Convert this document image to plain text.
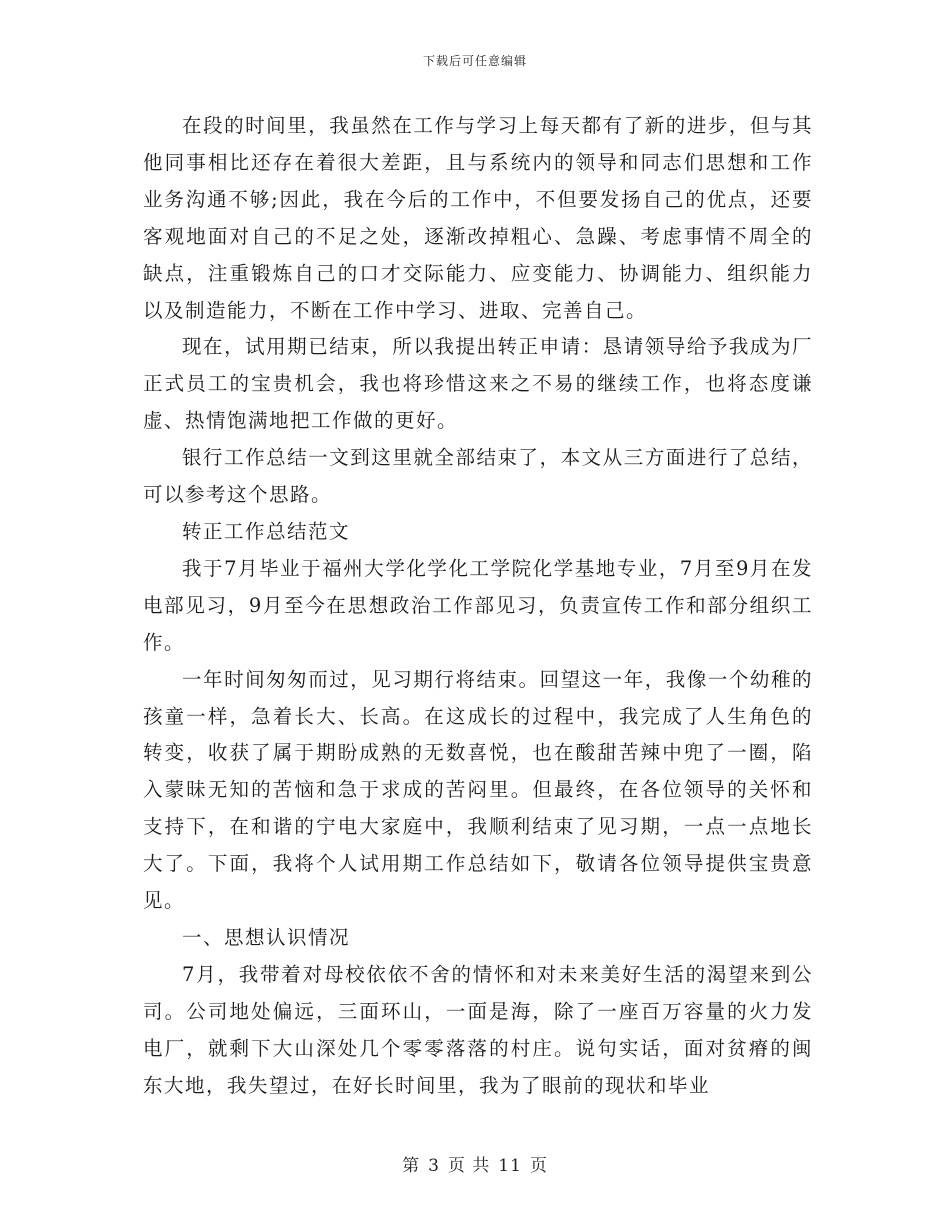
下载后可任意编辑

在段的时间里，我虽然在工作与学习上每天都有了新的进步，但与其他同事相比还存在着很大差距，且与系统内的领导和同志们思想和工作业务沟通不够;因此，我在今后的工作中，不但要发扬自己的优点，还要客观地面对自己的不足之处，逐渐改掉粗心、急躁、考虑事情不周全的缺点，注重锻炼自己的口才交际能力、应变能力、协调能力、组织能力以及制造能力，不断在工作中学习、进取、完善自己。

现在，试用期已结束，所以我提出转正申请：恳请领导给予我成为厂正式员工的宝贵机会，我也将珍惜这来之不易的继续工作，也将态度谦虚、热情饱满地把工作做的更好。

银行工作总结一文到这里就全部结束了，本文从三方面进行了总结，可以参考这个思路。

转正工作总结范文

我于7月毕业于福州大学化学化工学院化学基地专业，7月至9月在发电部见习，9月至今在思想政治工作部见习，负责宣传工作和部分组织工作。

一年时间匆匆而过，见习期行将结束。回望这一年，我像一个幼稚的孩童一样，急着长大、长高。在这成长的过程中，我完成了人生角色的转变，收获了属于期盼成熟的无数喜悦，也在酸甜苦辣中兜了一圈，陷入蒙昧无知的苦恼和急于求成的苦闷里。但最终，在各位领导的关怀和支持下，在和谐的宁电大家庭中，我顺利结束了见习期，一点一点地长大了。下面，我将个人试用期工作总结如下，敬请各位领导提供宝贵意见。

一、思想认识情况

7月，我带着对母校依依不舍的情怀和对未来美好生活的渴望来到公司。公司地处偏远，三面环山，一面是海，除了一座百万容量的火力发电厂，就剩下大山深处几个零零落落的村庄。说句实话，面对贫瘠的闽东大地，我失望过，在好长时间里，我为了眼前的现状和毕业

第 3 页 共 11 页
